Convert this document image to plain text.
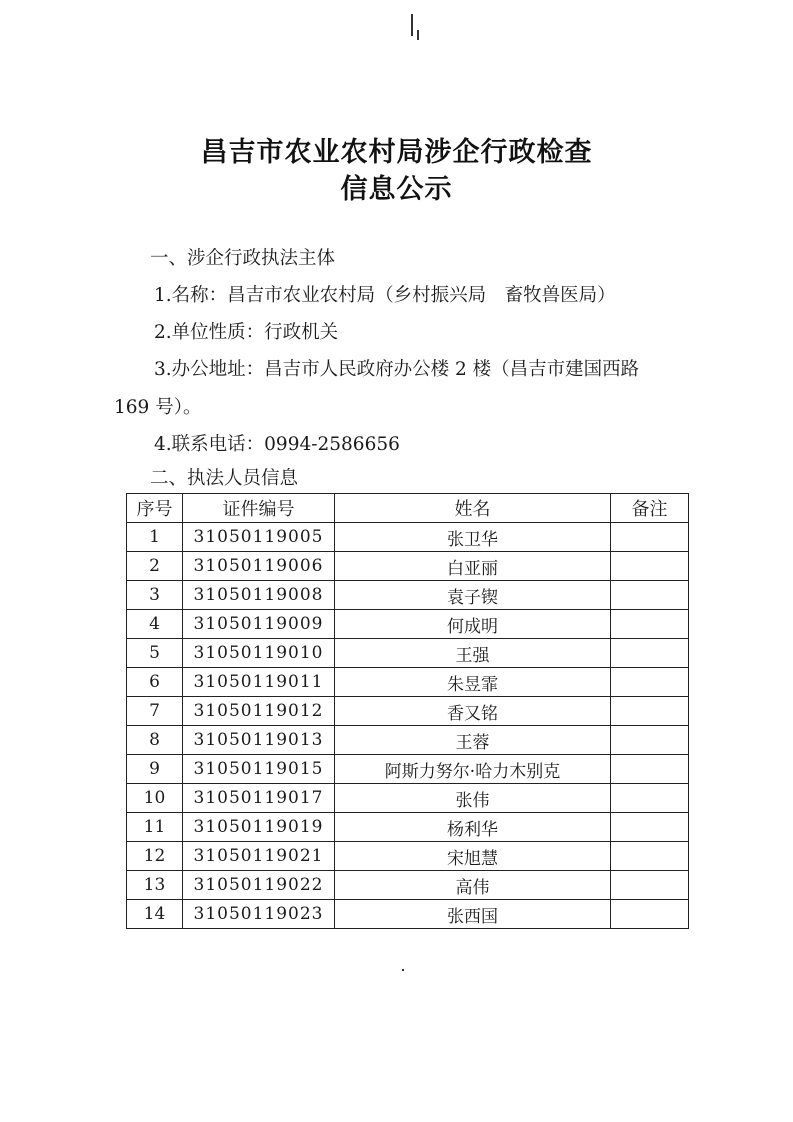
昌吉市农业农村局涉企行政检查
信息公示
一、涉企行政执法主体
1.名称：昌吉市农业农村局（乡村振兴局　畜牧兽医局）
2.单位性质：行政机关
3.办公地址：昌吉市人民政府办公楼 2 楼（昌吉市建国西路
169 号）。
4.联系电话：0994-2586656
二、执法人员信息
序号	证件编号	姓名	备注
1	31050119005	张卫华	
2	31050119006	白亚丽	
3	31050119008	袁子锲	
4	31050119009	何成明	
5	31050119010	王强	
6	31050119011	朱昱霏	
7	31050119012	香又铭	
8	31050119013	王蓉	
9	31050119015	阿斯力努尔·哈力木别克	
10	31050119017	张伟	
11	31050119019	杨利华	
12	31050119021	宋旭慧	
13	31050119022	高伟	
14	31050119023	张西国	
